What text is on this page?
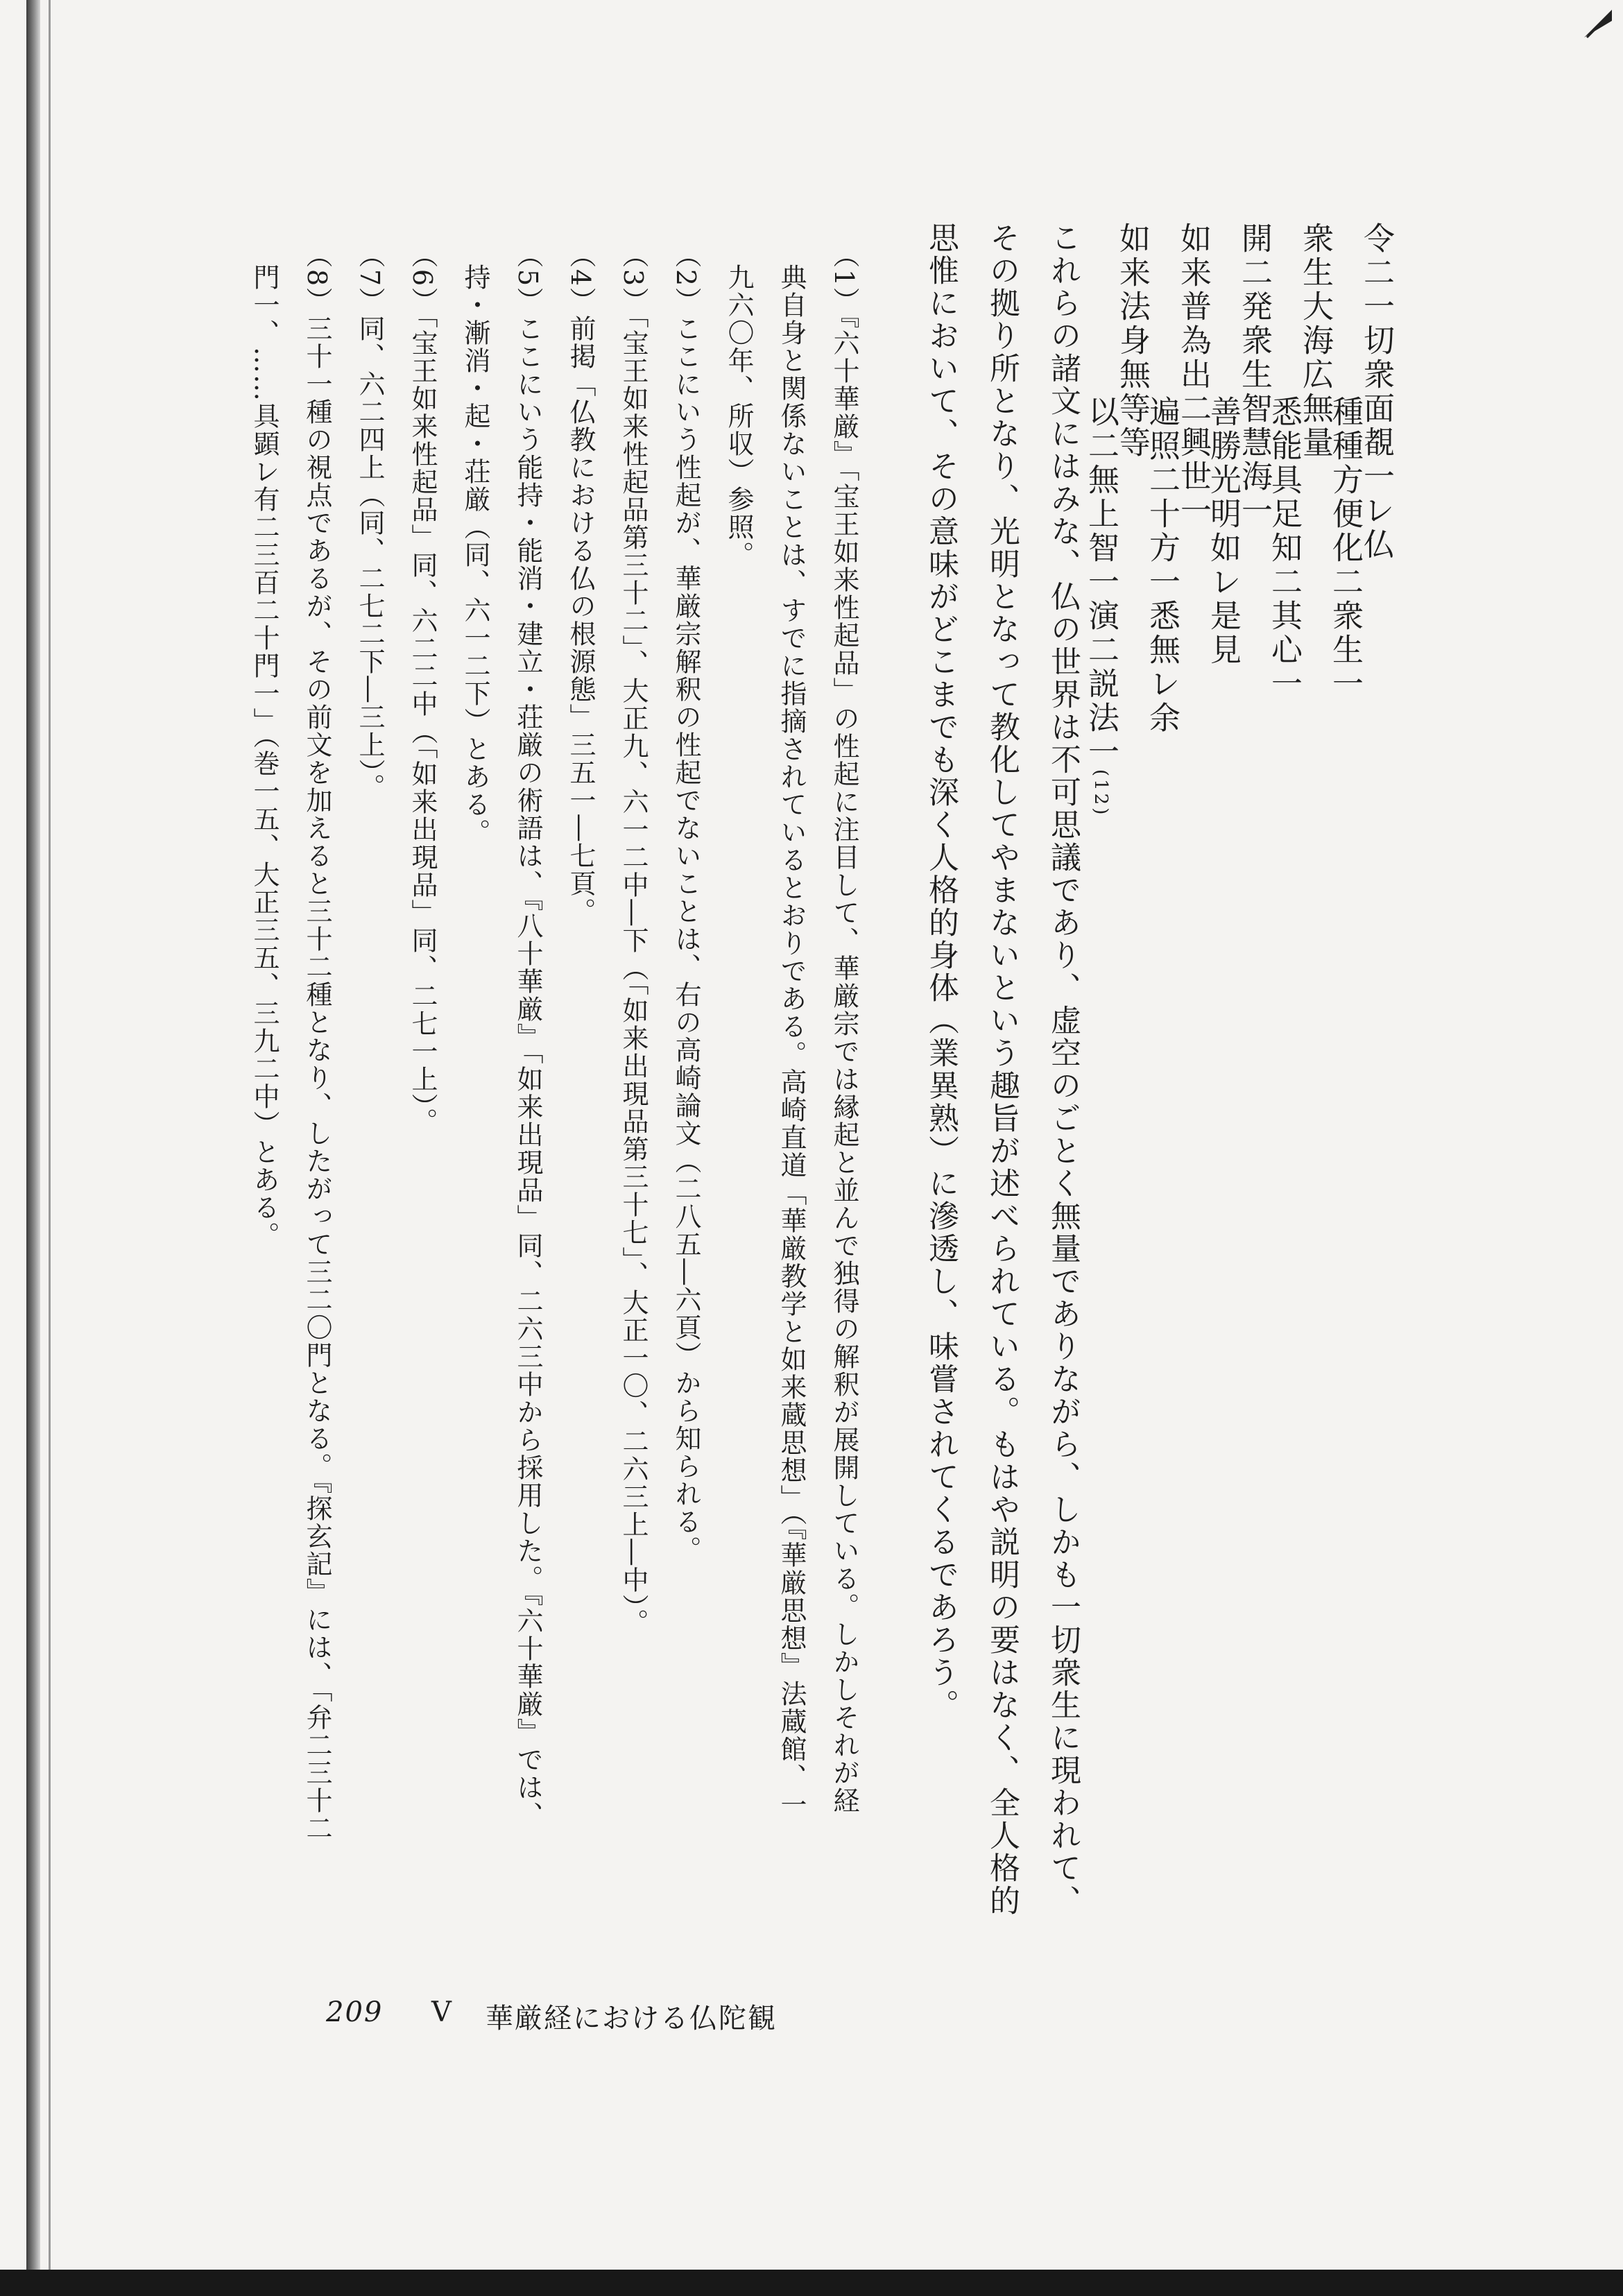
令二一切衆面覩一レ仏
種種方便化二衆生一
衆生大海広無量
悉能具足知二其心一
開二発衆生智慧海一
善勝光明如レ是見
如来普為出二興世一
遍照二十方一悉無レ余
如来法身無等等
以二無上智一演二説法一(12)
これらの諸文にはみな、仏の世界は不可思議であり、虚空のごとく無量でありながら、しかも一切衆生に現われて、
その拠り所となり、光明となって教化してやまないという趣旨が述べられている。もはや説明の要はなく、全人格的
思惟において、その意味がどこまでも深く人格的身体（業異熟）に滲透し、味嘗されてくるであろう。
（1）『六十華厳』「宝王如来性起品」の性起に注目して、華厳宗では縁起と並んで独得の解釈が展開している。しかしそれが経
典自身と関係ないことは、すでに指摘されているとおりである。高崎直道「華厳教学と如来蔵思想」（『華厳思想』法蔵館、一
九六〇年、所収）参照。
（2）ここにいう性起が、華厳宗解釈の性起でないことは、右の高崎論文（二八五―六頁）から知られる。
（3）「宝王如来性起品第三十二」、大正九、六一二中―下（「如来出現品第三十七」、大正一〇、二六三上―中）。
（4）前掲「仏教における仏の根源態」三五一―七頁。
（5）ここにいう能持・能消・建立・荘厳の術語は、『八十華厳』「如来出現品」同、二六三中から採用した。『六十華厳』では、
持・漸消・起・荘厳（同、六一二下）とある。
（6）「宝王如来性起品」同、六二二中（「如来出現品」同、二七一上）。
（7）同、六二四上（同、二七二下―三上）。
（8）三十一種の視点であるが、その前文を加えると三十二種となり、したがって三二〇門となる。『探玄記』には、「弁二三十二
門一、……具顕レ有二三百二十門一」（巻一五、大正三五、三九二中）とある。
209 V 華厳経における仏陀観
